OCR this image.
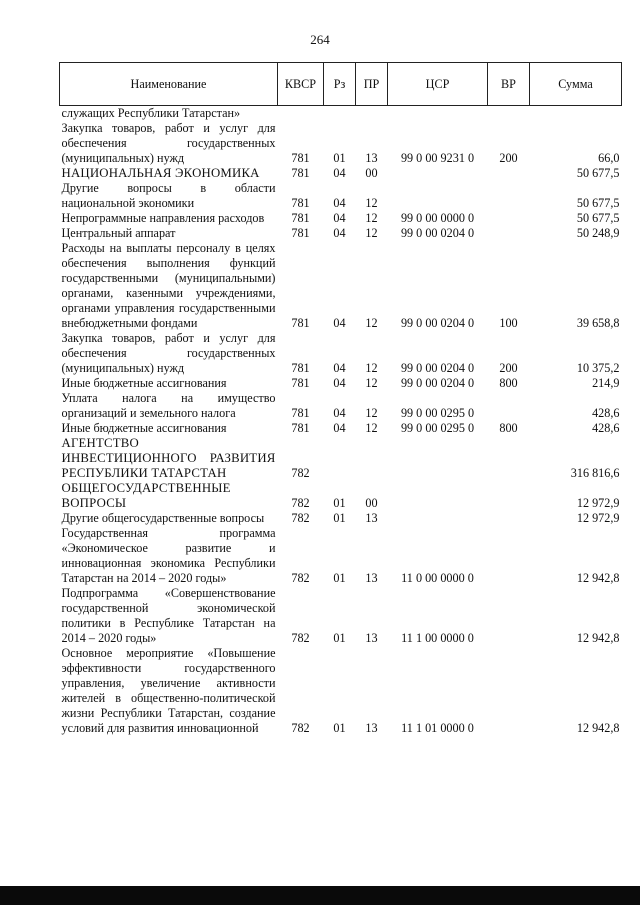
264
Наименование	КВСР	Рз	ПР	ЦСР	ВР	Сумма
служащих Республики Татарстан»						
Закупка товаров, работ и услуг для обеспечения государственных (муниципальных) нужд	781	01	13	99 0 00 9231 0	200	66,0
НАЦИОНАЛЬНАЯ ЭКОНОМИКА	781	04	00			50 677,5
Другие вопросы в области национальной экономики	781	04	12			50 677,5
Непрограммные направления расходов	781	04	12	99 0 00 0000 0		50 677,5
Центральный аппарат	781	04	12	99 0 00 0204 0		50 248,9
Расходы на выплаты персоналу в целях обеспечения выполнения функций государственными (муниципальными) органами, казенными учреждениями, органами управления государственными внебюджетными фондами	781	04	12	99 0 00 0204 0	100	39 658,8
Закупка товаров, работ и услуг для обеспечения государственных (муниципальных) нужд	781	04	12	99 0 00 0204 0	200	10 375,2
Иные бюджетные ассигнования	781	04	12	99 0 00 0204 0	800	214,9
Уплата налога на имущество организаций и земельного налога	781	04	12	99 0 00 0295 0		428,6
Иные бюджетные ассигнования	781	04	12	99 0 00 0295 0	800	428,6
АГЕНТСТВО ИНВЕСТИЦИОННОГО РАЗВИТИЯ РЕСПУБЛИКИ ТАТАРСТАН	782					316 816,6
ОБЩЕГОСУДАРСТВЕННЫЕ ВОПРОСЫ	782	01	00			12 972,9
Другие общегосударственные вопросы	782	01	13			12 972,9
Государственная программа «Экономическое развитие и инновационная экономика Республики Татарстан на 2014 – 2020 годы»	782	01	13	11 0 00 0000 0		12 942,8
Подпрограмма «Совершенствование государственной экономической политики в Республике Татарстан на 2014 – 2020 годы»	782	01	13	11 1 00 0000 0		12 942,8
Основное мероприятие «Повышение эффективности государственного управления, увеличение активности жителей в общественно-политической жизни Республики Татарстан, создание условий для развития инновационной	782	01	13	11 1 01 0000 0		12 942,8
